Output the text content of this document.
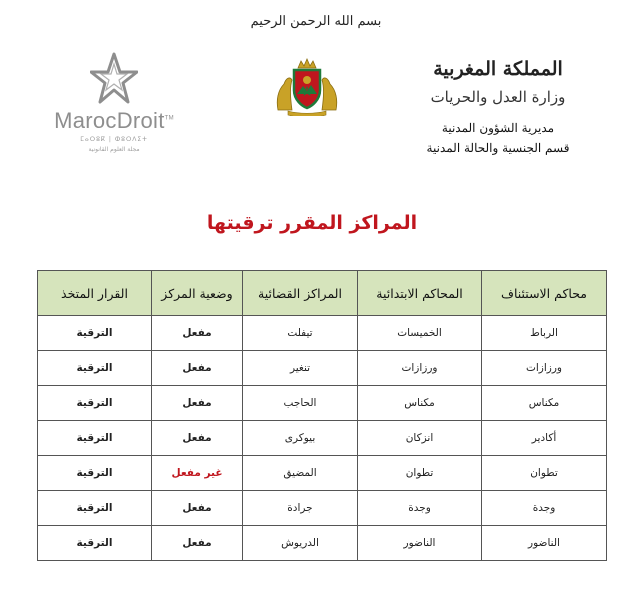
MarocDroit™
ⵎⴰⵔⵓⴽ | ⵀⵓⵔⴷⵉⵜ
مجلة العلوم القانونية
بسم الله الرحمن الرحيم
المملكة المغربية
وزارة العدل والحريات
مديرية الشؤون المدنية
قسم الجنسية والحالة المدنية
المراكز المقرر ترقيتها
محاكم الاستئناف	المحاكم الابتدائية	المراكز القضائية	وضعية المركز	القرار المتخذ
الرباط	الخميسات	تيفلت	مفعل	الترقية
ورزازات	ورزازات	تنغير	مفعل	الترقية
مكناس	مكناس	الحاجب	مفعل	الترقية
أكادير	انزكان	بيوكرى	مفعل	الترقية
تطوان	تطوان	المضيق	غير مفعل	الترقية
وجدة	وجدة	جرادة	مفعل	الترقية
الناضور	الناضور	الدريوش	مفعل	الترقية
